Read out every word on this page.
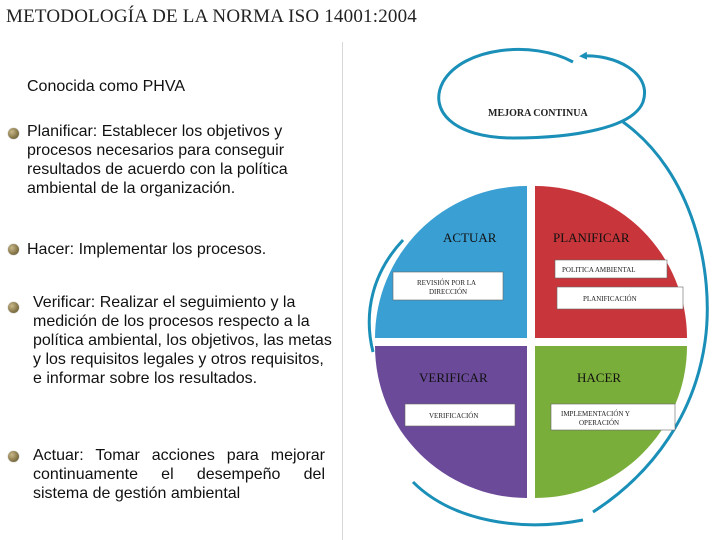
METODOLOGÍA DE LA NORMA ISO 14001:2004
Conocida como PHVA
Planificar: Establecer los objetivos y procesos necesarios para conseguir resultados de acuerdo con la política ambiental de la organización.
Hacer: Implementar los procesos.
Verificar: Realizar el seguimiento y la medición de los procesos respecto a la política ambiental, los objetivos, las metas y los requisitos legales y otros requisitos, e informar sobre los resultados.
Actuar: Tomar acciones para mejorar continuamente el desempeño del sistema de gestión ambiental
MEJORA CONTINUA
ACTUAR	PLANIFICAR
VERIFICAR	HACER
POLITICA AMBIENTAL
PLANIFICACIÓN
REVISIÓN POR LA
DIRECCIÓN
VERIFICACIÓN	IMPLEMENTACIÓN Y
OPERACIÓN
